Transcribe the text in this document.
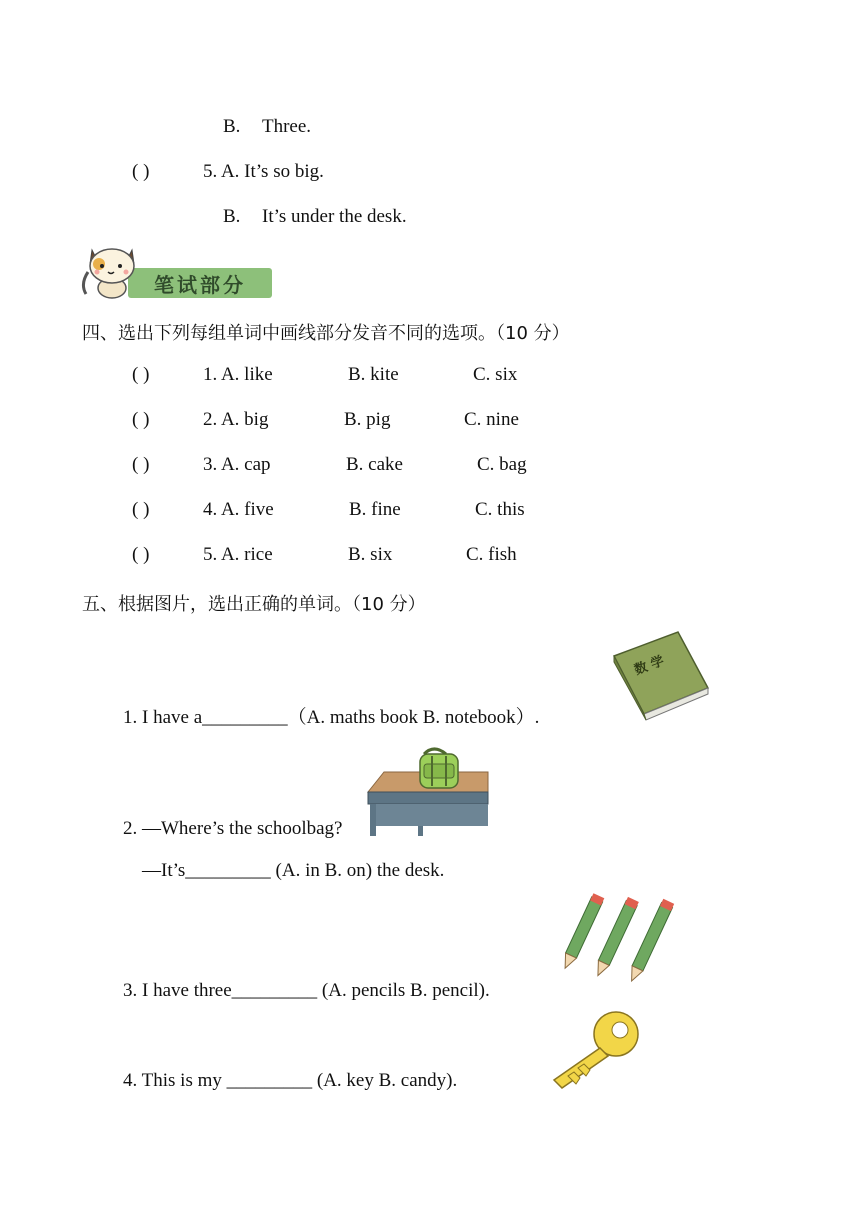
B. Three.
( )	5. A. It’s so big.
B. It’s under the desk.
笔试部分
四、选出下列每组单词中画线部分发音不同的选项。（10 分）
( )	1. A. like	B. kite	C. six
( )	2. A. big	B. pig	C. nine
( )	3. A. cap	B. cake	C. bag
( )	4. A. five	B. fine	C. this
( )	5. A. rice	B. six	C. fish
五、根据图片，选出正确的单词。（10 分）
1. I have a_________（A. maths book B. notebook）.
数 学
2. —Where’s the schoolbag?
—It’s_________ (A. in B. on) the desk.
3. I have three_________ (A. pencils B. pencil).
4. This is my _________ (A. key B. candy).
